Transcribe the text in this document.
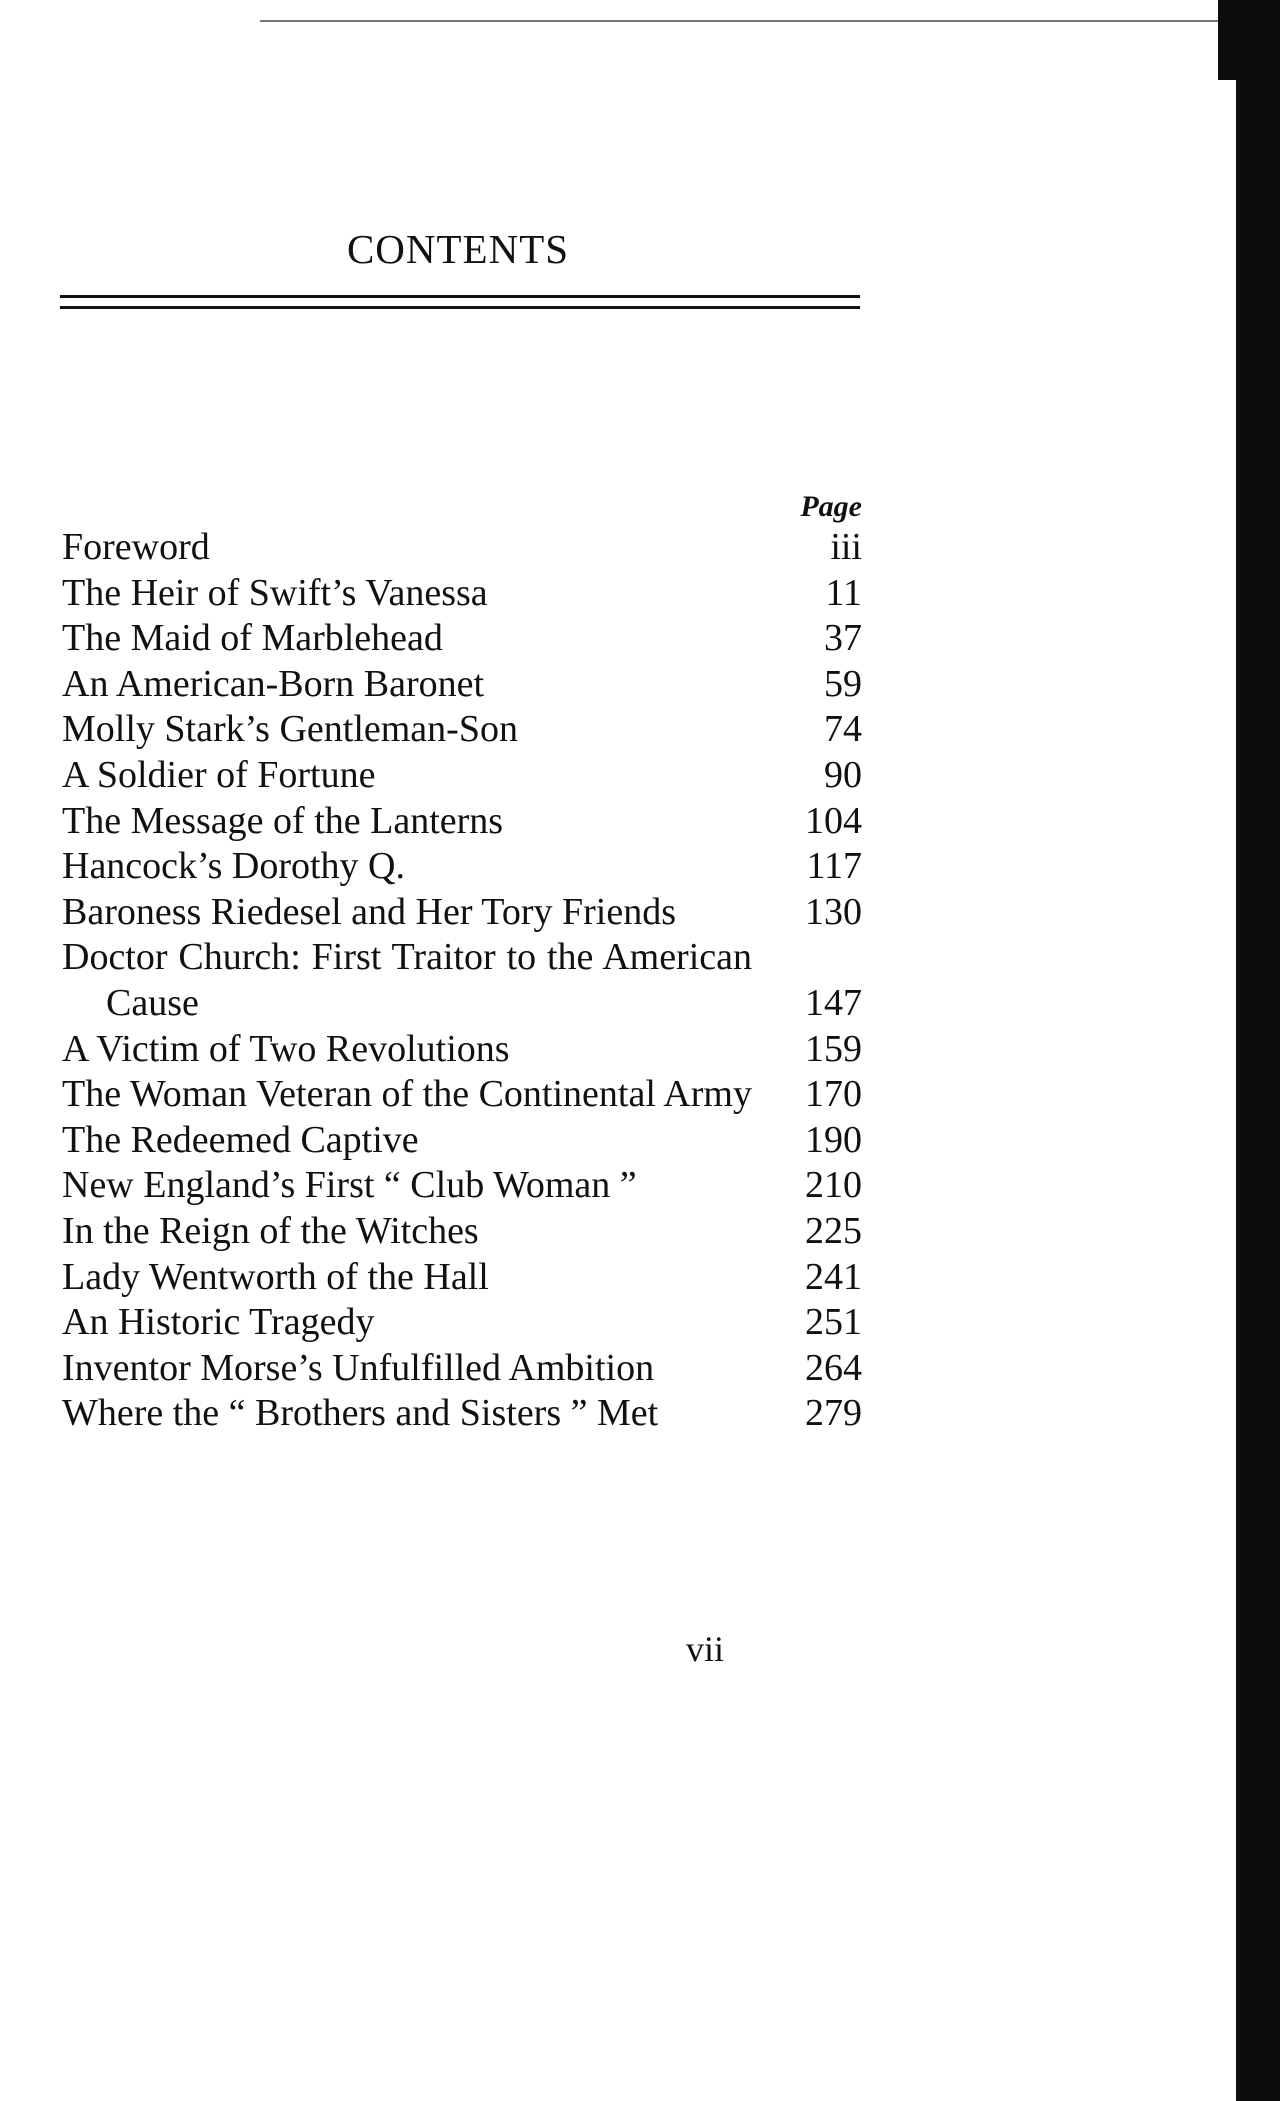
CONTENTS
Page
Foreword	iii
The Heir of Swift’s Vanessa	11
The Maid of Marblehead	37
An American-Born Baronet	59
Molly Stark’s Gentleman-Son	74
A Soldier of Fortune	90
The Message of the Lanterns	104
Hancock’s Dorothy Q.	117
Baroness Riedesel and Her Tory Friends	130
Doctor Church: First Traitor to the American Cause	147
A Victim of Two Revolutions	159
The Woman Veteran of the Continental Army	170
The Redeemed Captive	190
New England’s First “ Club Woman ”	210
In the Reign of the Witches	225
Lady Wentworth of the Hall	241
An Historic Tragedy	251
Inventor Morse’s Unfulfilled Ambition	264
Where the “ Brothers and Sisters ” Met	279
vii
